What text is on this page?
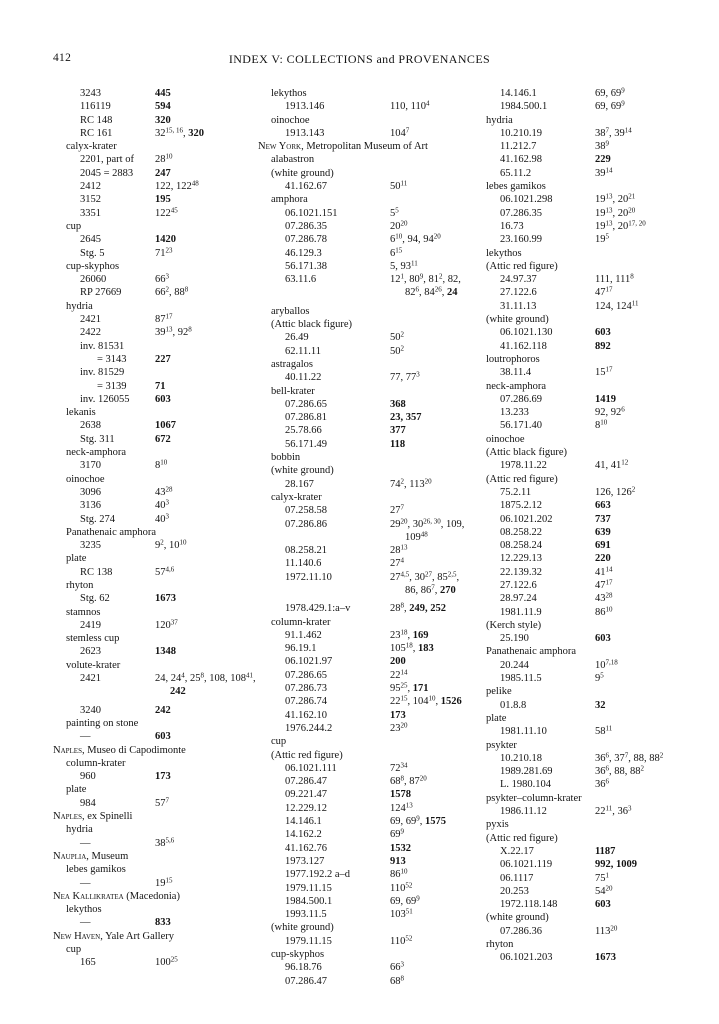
412	INDEX V: COLLECTIONS and PROVENANCES
3243	445
116119	594
RC 148	320
RC 161	32$^{15, 16}$, 320
calyx-krater
2201, part of	$28^{10}$
2045 = 2883	247
2412	122, $122^{48}$
3152	195
3351	$122^{45}$
cup
2645	1420
Stg. 5	$71^{23}$
cup-skyphos
26060	$66^3$
RP 27669	$66^2$, $88^8$
hydria
2421	$87^{17}$
2422	$39^{13}$, $92^8$
inv. 81531
= 3143	227
inv. 81529
= 3139	71
inv. 126055	603
lekanis
2638	1067
Stg. 311	672
neck-amphora
3170	$8^{10}$
oinochoe
3096	$43^{28}$
3136	$40^3$
Stg. 274	$40^3$
Panathenaic amphora
3235	$9^2$, $10^{10}$
plate
RC 138	57$^{4,6}$
rhyton
Stg. 62	1673
stamnos
2419	$120^{37}$
stemless cup
2623	1348
volute-krater
2421	24, $24^4$, $25^8$, 108, $108^{41}$, 242
3240	242
painting on stone
—	603
Naples, Museo di Capodimonte
column-krater
960	173
plate
984	$57^7$
Naples, ex Spinelli
hydria
—	38$^{5,6}$
Nauplia, Museum
lebes gamikos
—	$19^{15}$
Nea Kallikratea (Macedonia)
lekythos
—	833
New Haven, Yale Art Gallery
cup
165	$100^{25}$
lekythos
1913.146	110, $110^4$
oinochoe
1913.143	$104^7$
New York, Metropolitan Museum of Art
alabastron
(white ground)
41.162.67	$50^{11}$
amphora
06.1021.151	$5^5$
07.286.35	$20^{20}$
07.286.78	$6^{10}$, 94, $94^{20}$
46.129.3	$6^{15}$
56.171.38	5, $93^{11}$
63.11.6	$12^1$, $80^9$, $81^2$, 82, $82^6$, $84^{26}$, 24
aryballos
(Attic black figure)
26.49	$50^2$
62.11.11	$50^2$
astragalos
40.11.22	77, $77^3$
bell-krater
07.286.65	368
07.286.81	23, 357
25.78.66	377
56.171.49	118
bobbin
(white ground)
28.167	$74^2$, $113^{20}$
calyx-krater
07.258.58	$27^7$
07.286.86	$29^{20}$, 30$^{26, 30}$, 109, $109^{48}$
08.258.21	$28^{13}$
11.140.6	$27^4$
1972.11.10	27$^{4,5}$, $30^{27}$, 85$^{2,5}$, 86, $86^7$, 270
1978.429.1:a–v	$28^8$, 249, 252
column-krater
91.1.462	$23^{18}$, 169
96.19.1	$105^{18}$, 183
06.1021.97	200
07.286.65	$22^{14}$
07.286.73	$95^{25}$, 171
07.286.74	$22^{15}$, $104^{10}$, 1526
41.162.10	173
1976.244.2	$23^{20}$
cup
(Attic red figure)
06.1021.111	$72^{34}$
07.286.47	$68^8$, $87^{20}$
09.221.47	1578
12.229.12	$124^{13}$
14.146.1	69, $69^9$, 1575
14.162.2	$69^9$
41.162.76	1532
1973.127	913
1977.192.2 a–d	$86^{10}$
1979.11.15	$110^{52}$
1984.500.1	69, $69^9$
1993.11.5	$103^{51}$
(white ground)
1979.11.15	$110^{52}$
cup-skyphos
96.18.76	$66^3$
07.286.47	$68^8$
14.146.1	69, $69^9$
1984.500.1	69, $69^9$
hydria
10.210.19	$38^7$, $39^{14}$
11.212.7	$38^9$
41.162.98	229
65.11.2	$39^{14}$
lebes gamikos
06.1021.298	$19^{13}$, $20^{21}$
07.286.35	$19^{13}$, $20^{20}$
16.73	$19^{13}$, 20$^{17, 20}$
23.160.99	$19^5$
lekythos
(Attic red figure)
24.97.37	111, $111^8$
27.122.6	$47^{17}$
31.11.13	124, $124^{11}$
(white ground)
06.1021.130	603
41.162.118	892
loutrophoros
38.11.4	$15^{17}$
neck-amphora
07.286.69	1419
13.233	92, $92^6$
56.171.40	$8^{10}$
oinochoe
(Attic black figure)
1978.11.22	41, $41^{12}$
(Attic red figure)
75.2.11	126, $126^2$
1875.2.12	663
06.1021.202	737
08.258.22	639
08.258.24	691
12.229.13	220
22.139.32	$41^{14}$
27.122.6	$47^{17}$
28.97.24	$43^{28}$
1981.11.9	$86^{10}$
(Kerch style)
25.190	603
Panathenaic amphora
20.244	10$^{7,18}$
1985.11.5	$9^5$
pelike
01.8.8	32
plate
1981.11.10	$58^{11}$
psykter
10.210.18	$36^6$, $37^7$, 88, $88^2$
1989.281.69	$36^6$, 88, $88^2$
L. 1980.104	$36^6$
psykter–column-krater
1986.11.12	$22^{11}$, $36^3$
pyxis
(Attic red figure)
X.22.17	1187
06.1021.119	992, 1009
06.1117	$75^1$
20.253	$54^{20}$
1972.118.148	603
(white ground)
07.286.36	$113^{20}$
rhyton
06.1021.203	1673
